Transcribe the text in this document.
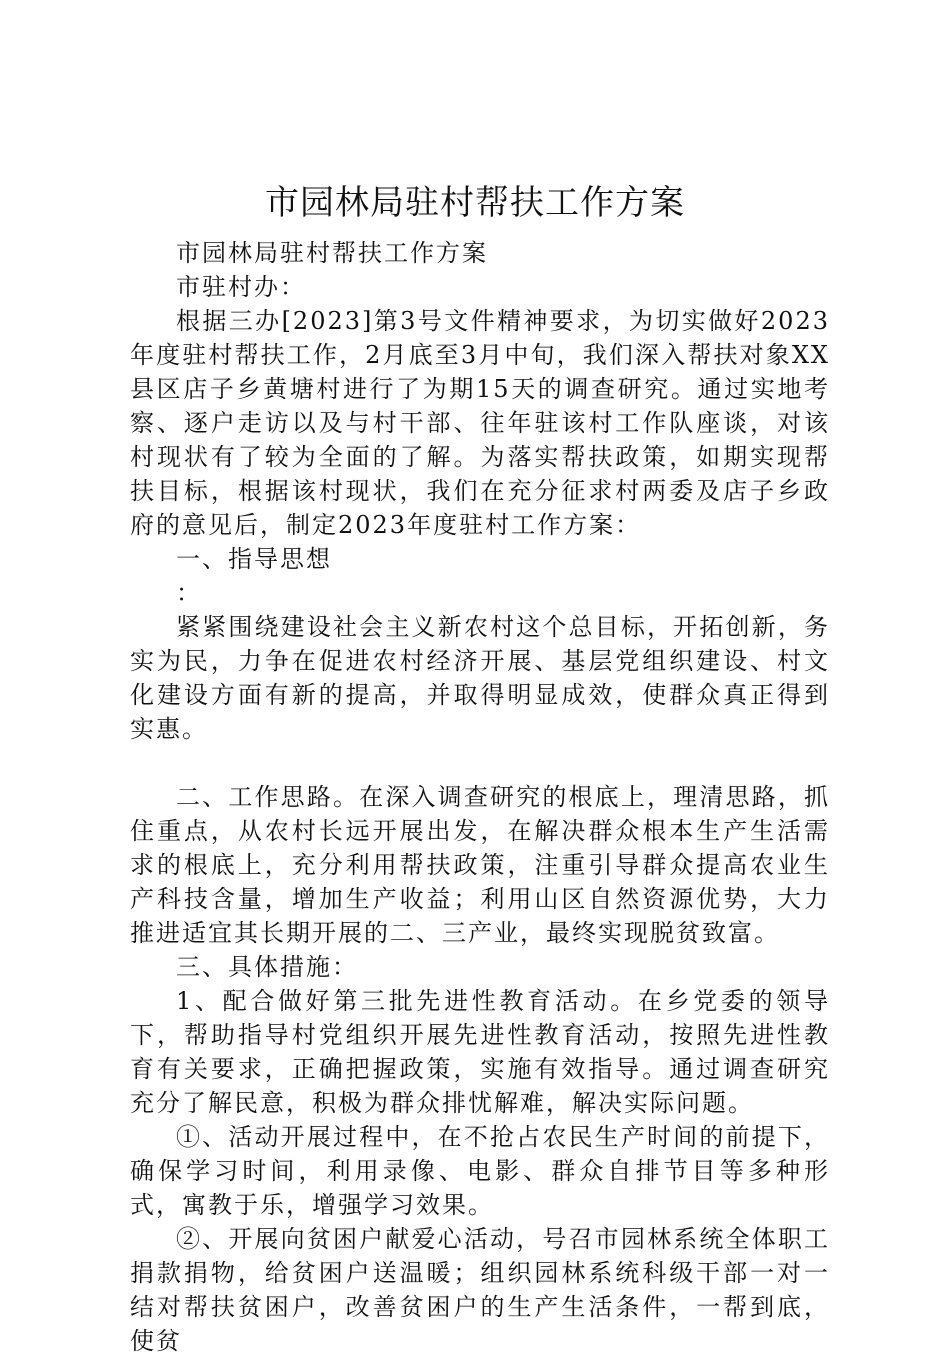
市园林局驻村帮扶工作方案

市园林局驻村帮扶工作方案

市驻村办：

根据三办[2023]第3号文件精神要求，为切实做好2023年度驻村帮扶工作，2月底至3月中旬，我们深入帮扶对象XX县区店子乡黄塘村进行了为期15天的调查研究。通过实地考察、逐户走访以及与村干部、往年驻该村工作队座谈，对该村现状有了较为全面的了解。为落实帮扶政策，如期实现帮扶目标，根据该村现状，我们在充分征求村两委及店子乡政府的意见后，制定2023年度驻村工作方案：

一、指导思想

：

紧紧围绕建设社会主义新农村这个总目标，开拓创新，务实为民，力争在促进农村经济开展、基层党组织建设、村文化建设方面有新的提高，并取得明显成效，使群众真正得到实惠。

二、工作思路。在深入调查研究的根底上，理清思路，抓住重点，从农村长远开展出发，在解决群众根本生产生活需求的根底上，充分利用帮扶政策，注重引导群众提高农业生产科技含量，增加生产收益；利用山区自然资源优势，大力推进适宜其长期开展的二、三产业，最终实现脱贫致富。

三、具体措施：

1、配合做好第三批先进性教育活动。在乡党委的领导下，帮助指导村党组织开展先进性教育活动，按照先进性教育有关要求，正确把握政策，实施有效指导。通过调查研究充分了解民意，积极为群众排忧解难，解决实际问题。

①、活动开展过程中，在不抢占农民生产时间的前提下，确保学习时间，利用录像、电影、群众自排节目等多种形式，寓教于乐，增强学习效果。

②、开展向贫困户献爱心活动，号召市园林系统全体职工捐款捐物，给贫困户送温暖；组织园林系统科级干部一对一结对帮扶贫困户，改善贫困户的生产生活条件，一帮到底，使贫
